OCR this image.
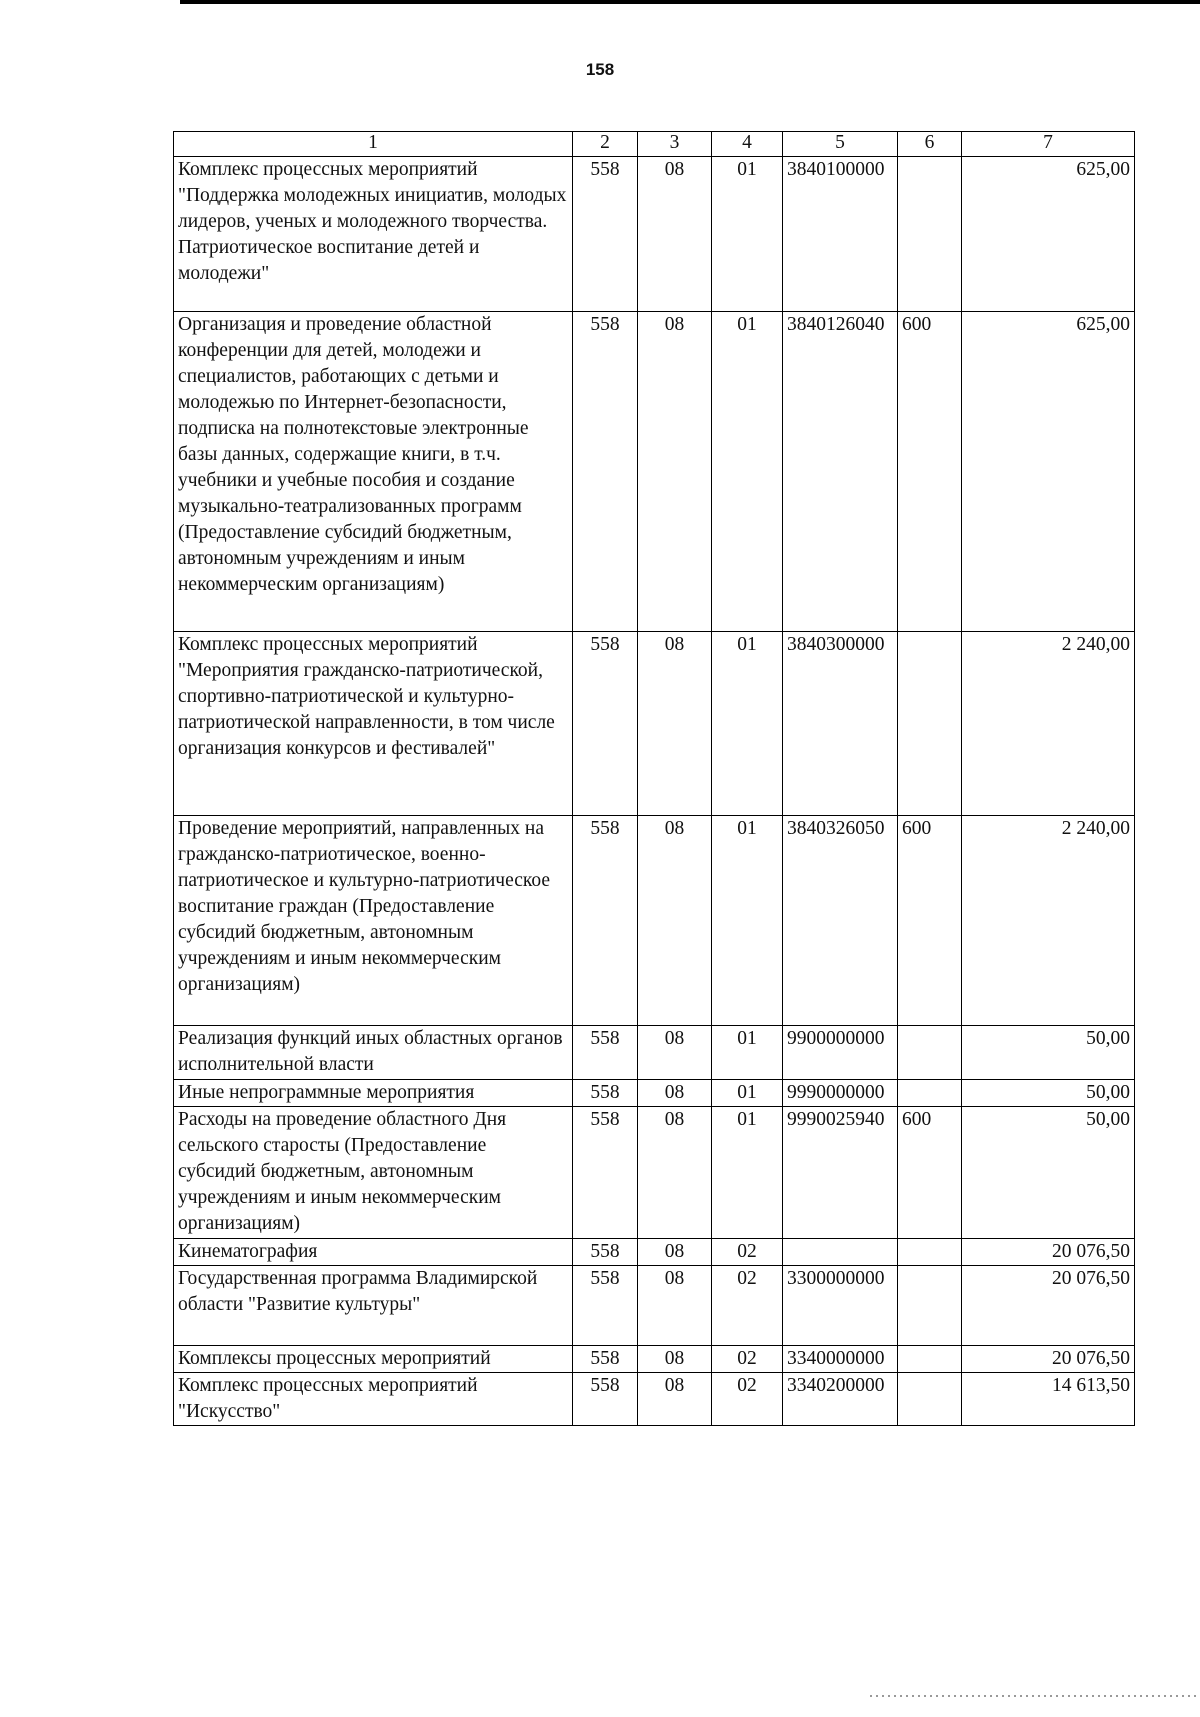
158
1	2	3	4	5	6	7
Комплекс процессных мероприятий "Поддержка молодежных инициатив, молодых лидеров, ученых и молодежного творчества. Патриотическое воспитание детей и молодежи"	558	08	01	3840100000		625,00
Организация и проведение областной конференции для детей, молодежи и специалистов, работающих с детьми и молодежью по Интернет-безопасности, подписка на полнотекстовые электронные базы данных, содержащие книги, в т.ч. учебники и учебные пособия и создание музыкально-театрализованных программ (Предоставление субсидий бюджетным, автономным учреждениям и иным некоммерческим организациям)	558	08	01	3840126040	600	625,00
Комплекс процессных мероприятий "Мероприятия гражданско-патриотической, спортивно-патриотической и культурно-патриотической направленности, в том числе организация конкурсов и фестивалей"	558	08	01	3840300000		2 240,00
Проведение мероприятий, направленных на гражданско-патриотическое, военно-патриотическое и культурно-патриотическое воспитание граждан (Предоставление субсидий бюджетным, автономным учреждениям и иным некоммерческим организациям)	558	08	01	3840326050	600	2 240,00
Реализация функций иных областных органов исполнительной власти	558	08	01	9900000000		50,00
Иные непрограммные мероприятия	558	08	01	9990000000		50,00
Расходы на проведение областного Дня сельского старосты (Предоставление субсидий бюджетным, автономным учреждениям и иным некоммерческим организациям)	558	08	01	9990025940	600	50,00
Кинематография	558	08	02			20 076,50
Государственная программа Владимирской области "Развитие культуры"	558	08	02	3300000000		20 076,50
Комплексы процессных мероприятий	558	08	02	3340000000		20 076,50
Комплекс процессных мероприятий "Искусство"	558	08	02	3340200000		14 613,50
